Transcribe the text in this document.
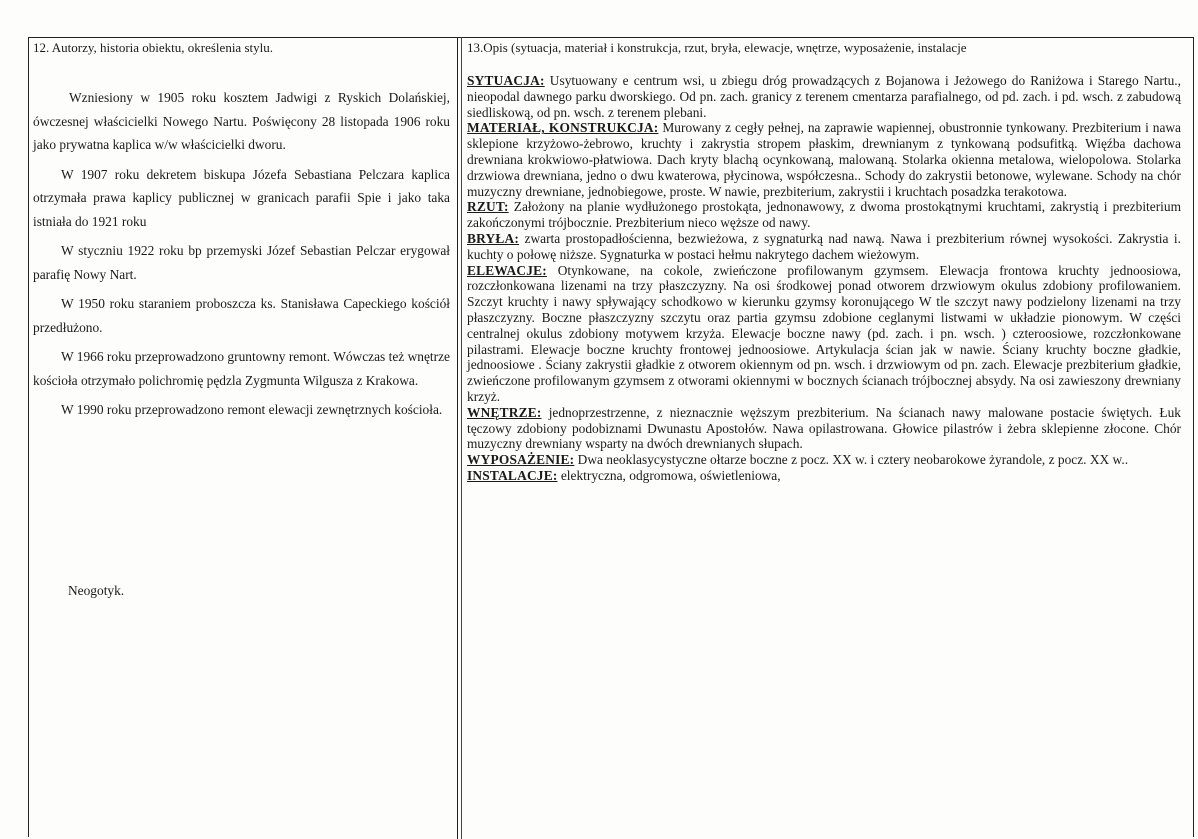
12. Autorzy, historia obiektu, określenia stylu.	13.Opis (sytuacja, materiał i konstrukcja, rzut, bryła, elewacje, wnętrze, wyposażenie, instalacje

Wzniesiony w 1905 roku kosztem Jadwigi z Ryskich Dolańskiej, ówczesnej właścicielki Nowego Nartu. Poświęcony 28 listopada 1906 roku jako prywatna kaplica w/w właścicielki dworu.

W 1907 roku dekretem biskupa Józefa Sebastiana Pelczara kaplica otrzymała prawa kaplicy publicznej w granicach parafii Spie i jako taka istniała do 1921 roku

W styczniu 1922 roku bp przemyski Józef Sebastian Pelczar erygował parafię Nowy Nart.

W 1950 roku staraniem proboszcza ks. Stanisława Capeckiego kościół przedłużono.

W 1966 roku przeprowadzono gruntowny remont. Wówczas też wnętrze kościoła otrzymało polichromię pędzla Zygmunta Wilgusza z Krakowa.

W 1990 roku przeprowadzono remont elewacji zewnętrznych kościoła.

Neogotyk.

SYTUACJA: Usytuowany e centrum wsi, u zbiegu dróg prowadzących z Bojanowa i Jeżowego do Raniżowa i Starego Nartu., nieopodal dawnego parku dworskiego. Od pn. zach. granicy z terenem cmentarza parafialnego, od pd. zach. i pd. wsch. z zabudową siedliskową, od pn. wsch. z terenem plebani.

MATERIAŁ, KONSTRUKCJA: Murowany z cegły pełnej, na zaprawie wapiennej, obustronnie tynkowany. Prezbiterium i nawa sklepione krzyżowo-żebrowo, kruchty i zakrystia stropem płaskim, drewnianym z tynkowaną podsufitką. Więźba dachowa drewniana krokwiowo-płatwiowa. Dach kryty blachą ocynkowaną, malowaną. Stolarka okienna metalowa, wielopolowa. Stolarka drzwiowa drewniana, jedno o dwu kwaterowa, płycinowa, współczesna.. Schody do zakrystii betonowe, wylewane. Schody na chór muzyczny drewniane, jednobiegowe, proste. W nawie, prezbiterium, zakrystii i kruchtach posadzka terakotowa.

RZUT: Założony na planie wydłużonego prostokąta, jednonawowy, z dwoma prostokątnymi kruchtami, zakrystią i prezbiterium zakończonymi trójbocznie. Prezbiterium nieco węższe od nawy.

BRYŁA: zwarta prostopadłościenna, bezwieżowa, z sygnaturką nad nawą. Nawa i prezbiterium równej wysokości. Zakrystia i. kuchty o połowę niższe. Sygnaturka w postaci hełmu nakrytego dachem wieżowym.

ELEWACJE: Otynkowane, na cokole, zwieńczone profilowanym gzymsem. Elewacja frontowa kruchty jednoosiowa, rozczłonkowana lizenami na trzy płaszczyzny. Na osi środkowej ponad otworem drzwiowym okulus zdobiony profilowaniem. Szczyt kruchty i nawy spływający schodkowo w kierunku gzymsy koronującego W tle szczyt nawy podzielony lizenami na trzy płaszczyzny. Boczne płaszczyzny szczytu oraz partia gzymsu zdobione ceglanymi listwami w układzie pionowym. W części centralnej okulus zdobiony motywem krzyża. Elewacje boczne nawy (pd. zach. i pn. wsch. ) czteroosiowe, rozczłonkowane pilastrami. Elewacje boczne kruchty frontowej jednoosiowe. Artykulacja ścian jak w nawie. Ściany kruchty boczne gładkie, jednoosiowe . Ściany zakrystii gładkie z otworem okiennym od pn. wsch. i drzwiowym od pn. zach. Elewacje prezbiterium gładkie, zwieńczone profilowanym gzymsem z otworami okiennymi w bocznych ścianach trójbocznej absydy. Na osi zawieszony drewniany krzyż.

WNĘTRZE: jednoprzestrzenne, z nieznacznie węższym prezbiterium. Na ścianach nawy malowane postacie świętych. Łuk tęczowy zdobiony podobiznami Dwunastu Apostołów. Nawa opilastrowana. Głowice pilastrów i żebra sklepienne złocone. Chór muzyczny drewniany wsparty na dwóch drewnianych słupach.

WYPOSAŻENIE: Dwa neoklasycystyczne ołtarze boczne z pocz. XX w. i cztery neobarokowe żyrandole, z pocz. XX w..

INSTALACJE: elektryczna, odgromowa, oświetleniowa,
